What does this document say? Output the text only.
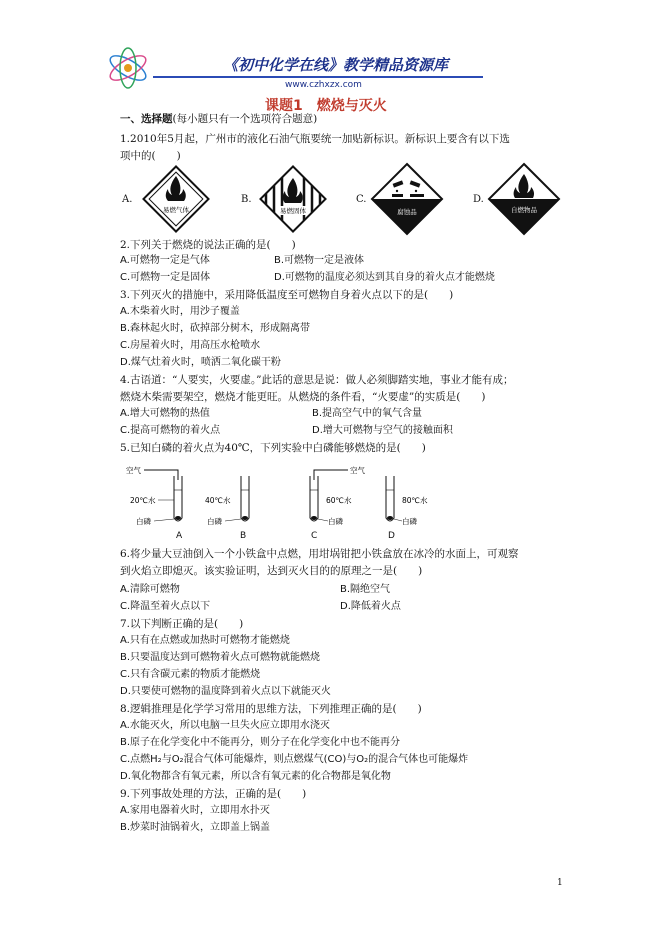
《初中化学在线》教学精品资源库
www.czhxzx.com
课题1　燃烧与灭火
一、选择题(每小题只有一个选项符合题意)
1.2010年5月起，广州市的液化石油气瓶要统一加贴新标识。新标识上要含有以下选
项中的(　　)
A.
易燃气体
B.
易燃固体
C.
腐蚀品
D.
自燃物品
2.下列关于燃烧的说法正确的是(　　)
A.可燃物一定是气体	B.可燃物一定是液体
C.可燃物一定是固体	D.可燃物的温度必须达到其自身的着火点才能燃烧
3.下列灭火的措施中，采用降低温度至可燃物自身着火点以下的是(　　)
A.木柴着火时，用沙子覆盖
B.森林起火时，砍掉部分树木，形成隔离带
C.房屋着火时，用高压水枪喷水
D.煤气灶着火时，喷洒二氧化碳干粉
4.古语道：“人要实，火要虚。”此话的意思是说：做人必须脚踏实地，事业才能有成；
燃烧木柴需要架空，燃烧才能更旺。从燃烧的条件看，“火要虚”的实质是(　　)
A.增大可燃物的热值	B.提高空气中的氧气含量
C.提高可燃物的着火点	D.增大可燃物与空气的接触面积
5.已知白磷的着火点为40℃，下列实验中白磷能够燃烧的是(　　)
空气
20℃水
白磷
A
40℃水
白磷
B
空气
60℃水
白磷
C
80℃水
白磷
D
6.将少量大豆油倒入一个小铁盒中点燃，用坩埚钳把小铁盒放在冰冷的水面上，可观察
到火焰立即熄灭。该实验证明，达到灭火目的的原理之一是(　　)
A.清除可燃物	B.隔绝空气
C.降温至着火点以下	D.降低着火点
7.以下判断正确的是(　　)
A.只有在点燃或加热时可燃物才能燃烧
B.只要温度达到可燃物着火点可燃物就能燃烧
C.只有含碳元素的物质才能燃烧
D.只要使可燃物的温度降到着火点以下就能灭火
8.逻辑推理是化学学习常用的思维方法，下列推理正确的是(　　)
A.水能灭火，所以电脑一旦失火应立即用水浇灭
B.原子在化学变化中不能再分，则分子在化学变化中也不能再分
C.点燃H₂与O₂混合气体可能爆炸，则点燃煤气(CO)与O₂的混合气体也可能爆炸
D.氧化物都含有氧元素，所以含有氧元素的化合物都是氧化物
9.下列事故处理的方法，正确的是(　　)
A.家用电器着火时，立即用水扑灭
B.炒菜时油锅着火，立即盖上锅盖
1
